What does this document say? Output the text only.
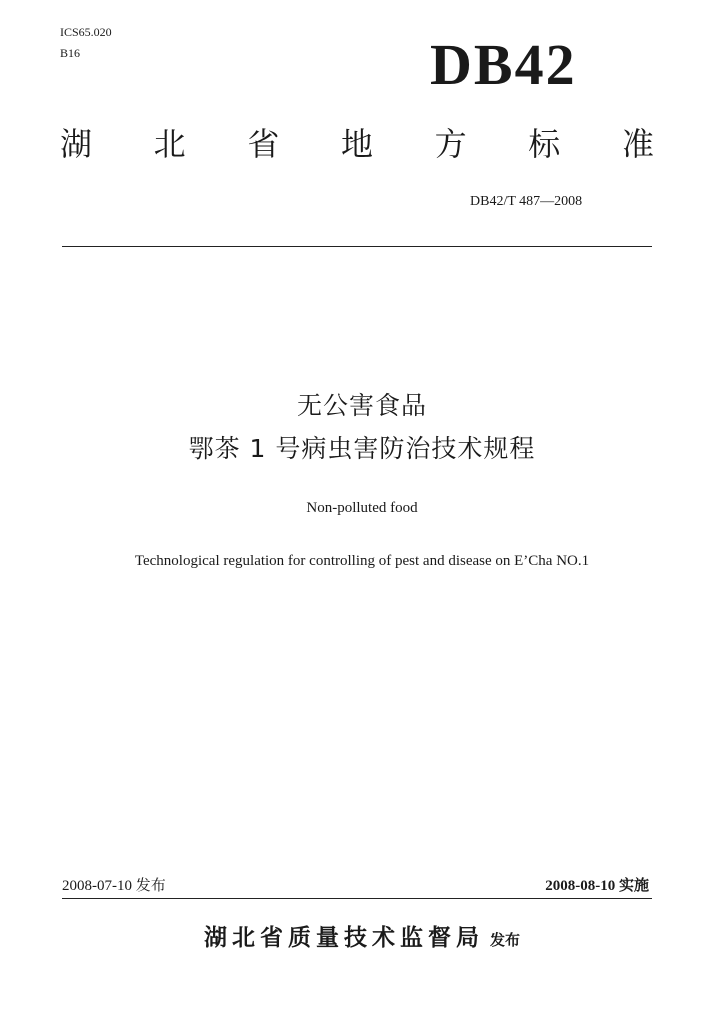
ICS65.020
B16	DB42
湖 北 省 地 方 标 准
DB42/T 487—2008
无公害食品
鄂茶 1 号病虫害防治技术规程
Non-polluted food
Technological regulation for controlling of pest and disease on E’Cha NO.1
2008-07-10 发布	2008-08-10 实施
湖北省质量技术监督局 发布
